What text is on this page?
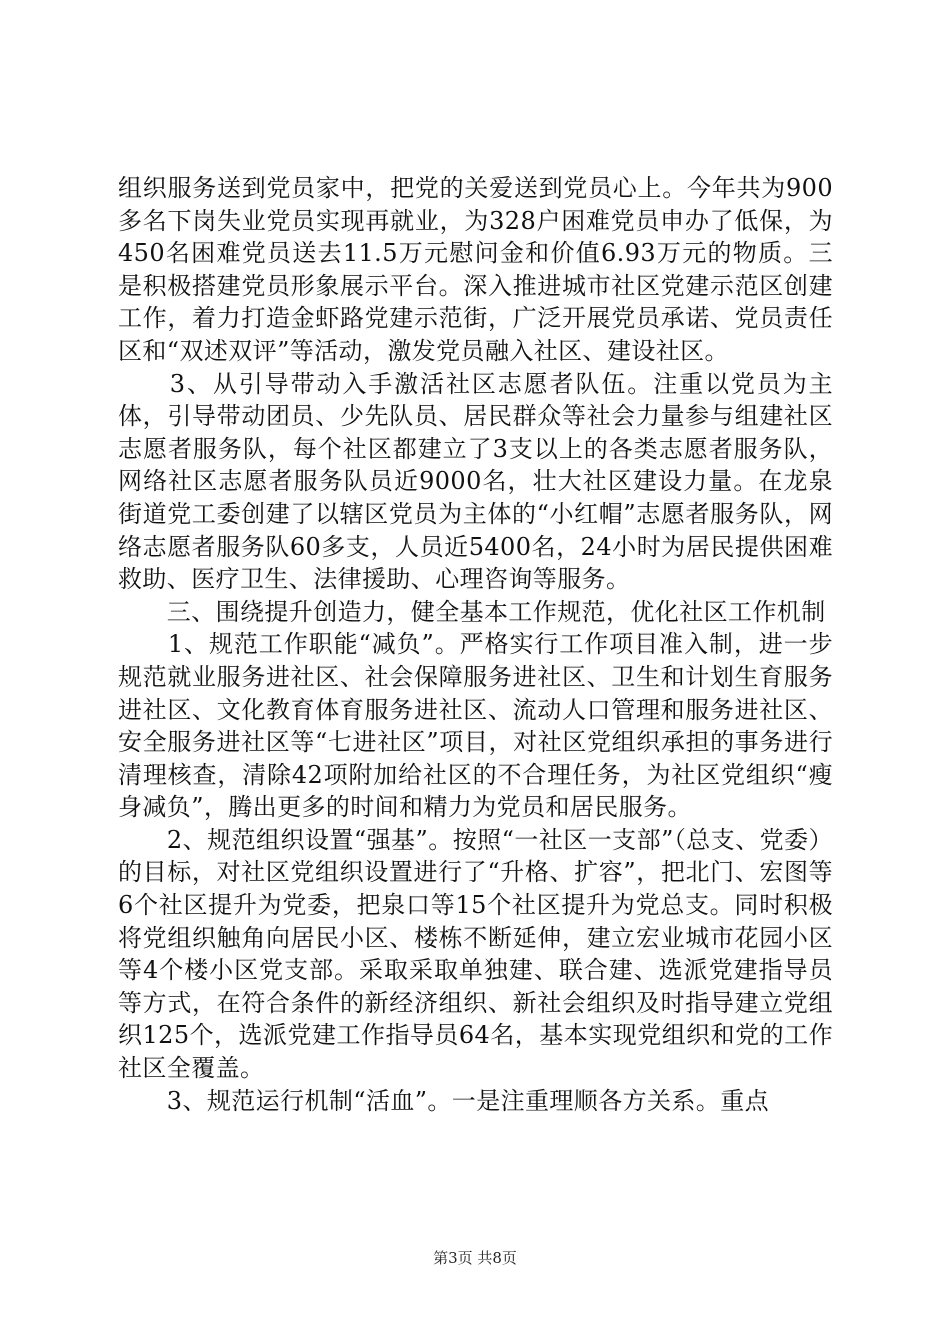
组织服务送到党员家中，把党的关爱送到党员心上。今年共为900多名下岗失业党员实现再就业，为328户困难党员申办了低保，为450名困难党员送去11.5万元慰问金和价值6.93万元的物质。三是积极搭建党员形象展示平台。深入推进城市社区党建示范区创建工作，着力打造金虾路党建示范街，广泛开展党员承诺、党员责任区和“双述双评”等活动，激发党员融入社区、建设社区。

　　3、从引导带动入手激活社区志愿者队伍。注重以党员为主体，引导带动团员、少先队员、居民群众等社会力量参与组建社区志愿者服务队，每个社区都建立了3支以上的各类志愿者服务队，网络社区志愿者服务队员近9000名，壮大社区建设力量。在龙泉街道党工委创建了以辖区党员为主体的“小红帽”志愿者服务队，网络志愿者服务队60多支，人员近5400名，24小时为居民提供困难救助、医疗卫生、法律援助、心理咨询等服务。

　　三、围绕提升创造力，健全基本工作规范，优化社区工作机制

　　1、规范工作职能“减负”。严格实行工作项目准入制，进一步规范就业服务进社区、社会保障服务进社区、卫生和计划生育服务进社区、文化教育体育服务进社区、流动人口管理和服务进社区、安全服务进社区等“七进社区”项目，对社区党组织承担的事务进行清理核查，清除42项附加给社区的不合理任务，为社区党组织“瘦身减负”，腾出更多的时间和精力为党员和居民服务。

　　2、规范组织设置“强基”。按照“一社区一支部”（总支、党委）的目标，对社区党组织设置进行了“升格、扩容”，把北门、宏图等6个社区提升为党委，把泉口等15个社区提升为党总支。同时积极将党组织触角向居民小区、楼栋不断延伸，建立宏业城市花园小区等4个楼小区党支部。采取采取单独建、联合建、选派党建指导员等方式，在符合条件的新经济组织、新社会组织及时指导建立党组织125个，选派党建工作指导员64名，基本实现党组织和党的工作社区全覆盖。

　　3、规范运行机制“活血”。一是注重理顺各方关系。重点

第3页 共8页
